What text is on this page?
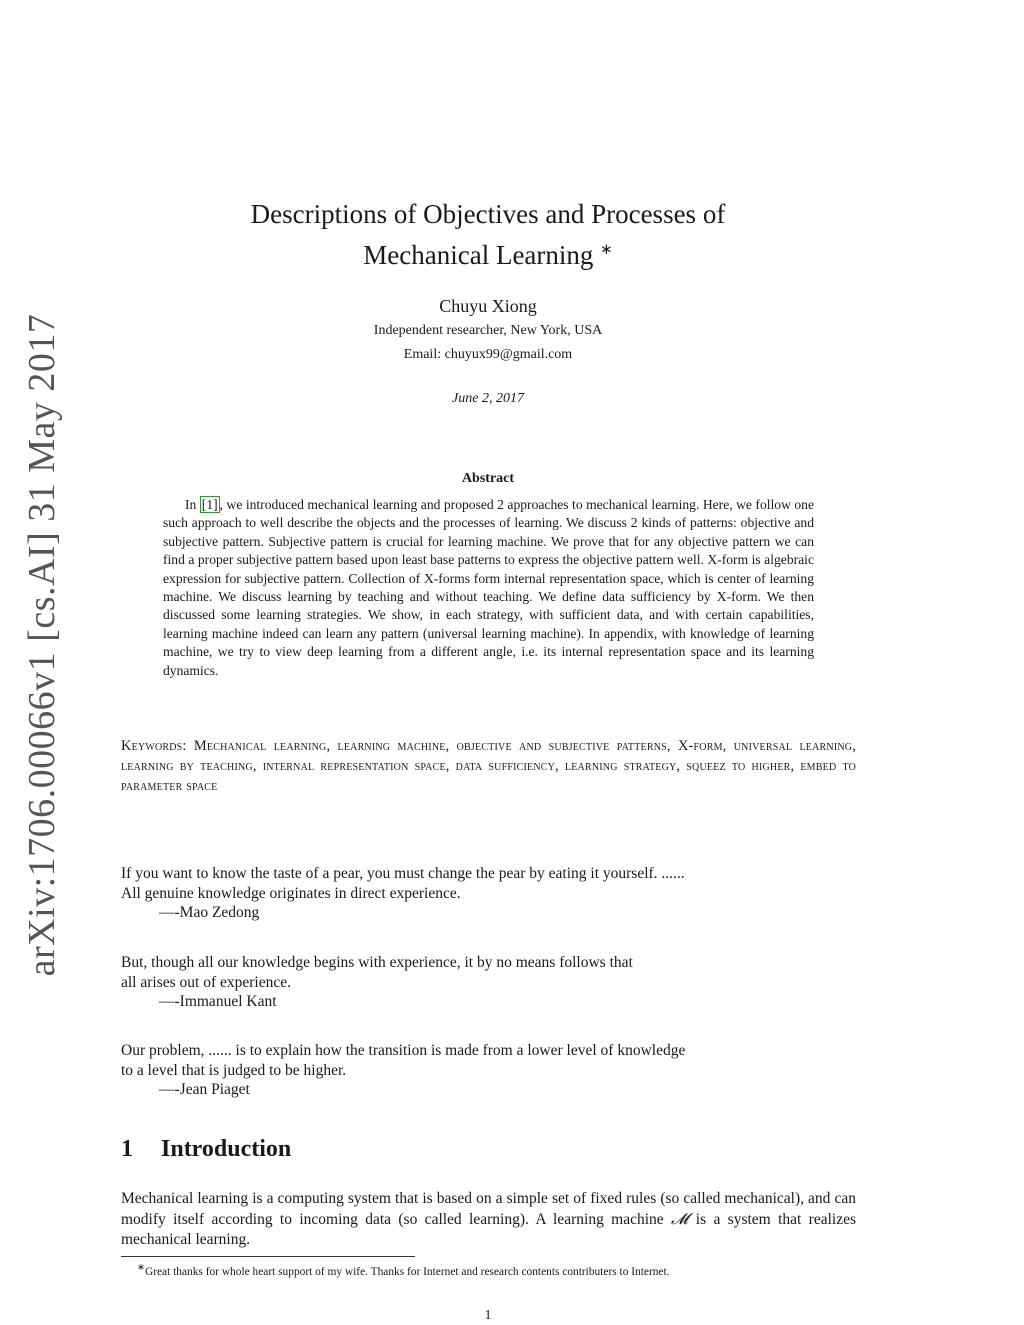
arXiv:1706.00066v1 [cs.AI] 31 May 2017
Descriptions of Objectives and Processes of
Mechanical Learning ∗
Chuyu Xiong
Independent researcher, New York, USA
Email: chuyux99@gmail.com
June 2, 2017
Abstract
In [1] , we introduced mechanical learning and proposed 2 approaches to mechanical learning. Here, we follow one such approach to well describe the objects and the processes of learning. We discuss 2 kinds of patterns: objective and subjective pattern. Subjective pattern is crucial for learning machine. We prove that for any objective pattern we can find a proper subjective pattern based upon least base patterns to express the objective pattern well. X-form is algebraic expression for subjective pattern. Collection of X-forms form internal representation space, which is center of learning machine. We discuss learning by teaching and without teaching. We define data sufficiency by X-form. We then discussed some learning strategies. We show, in each strategy, with sufficient data, and with certain capabilities, learning machine indeed can learn any pattern (universal learning machine). In appendix, with knowledge of learning machine, we try to view deep learning from a different angle, i.e. its internal representation space and its learning dynamics.
Keywords: Mechanical learning, learning machine, objective and subjective patterns, X-form, universal learning, learning by teaching, internal representation space, data sufficiency, learning strategy, squeez to higher, embed to parameter space
If you want to know the taste of a pear, you must change the pear by eating it yourself. ......
All genuine knowledge originates in direct experience.
—-Mao Zedong
But, though all our knowledge begins with experience, it by no means follows that
all arises out of experience.
—-Immanuel Kant
Our problem, ...... is to explain how the transition is made from a lower level of knowledge
to a level that is judged to be higher.
—-Jean Piaget
1 Introduction
Mechanical learning is a computing system that is based on a simple set of fixed rules (so called mechanical), and can modify itself according to incoming data (so called learning). A learning machine 𝓜 is a system that realizes mechanical learning.
∗Great thanks for whole heart support of my wife. Thanks for Internet and research contents contributers to Internet.
1
